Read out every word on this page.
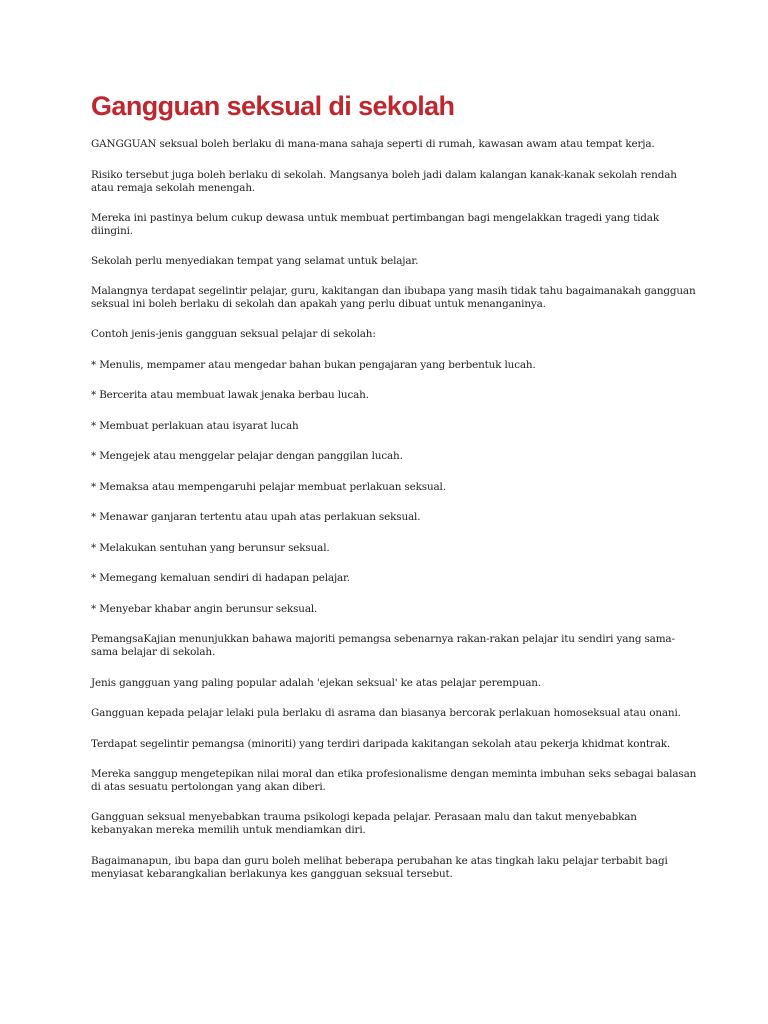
Gangguan seksual di sekolah

GANGGUAN seksual boleh berlaku di mana-mana sahaja seperti di rumah, kawasan awam atau tempat kerja.

Risiko tersebut juga boleh berlaku di sekolah. Mangsanya boleh jadi dalam kalangan kanak-kanak sekolah rendah
atau remaja sekolah menengah.

Mereka ini pastinya belum cukup dewasa untuk membuat pertimbangan bagi mengelakkan tragedi yang tidak
diingini.

Sekolah perlu menyediakan tempat yang selamat untuk belajar.

Malangnya terdapat segelintir pelajar, guru, kakitangan dan ibubapa yang masih tidak tahu bagaimanakah gangguan
seksual ini boleh berlaku di sekolah dan apakah yang perlu dibuat untuk menanganinya.

Contoh jenis-jenis gangguan seksual pelajar di sekolah:

* Menulis, mempamer atau mengedar bahan bukan pengajaran yang berbentuk lucah.

* Bercerita atau membuat lawak jenaka berbau lucah.

* Membuat perlakuan atau isyarat lucah

* Mengejek atau menggelar pelajar dengan panggilan lucah.

* Memaksa atau mempengaruhi pelajar membuat perlakuan seksual.

* Menawar ganjaran tertentu atau upah atas perlakuan seksual.

* Melakukan sentuhan yang berunsur seksual.

* Memegang kemaluan sendiri di hadapan pelajar.

* Menyebar khabar angin berunsur seksual.

PemangsaKajian menunjukkan bahawa majoriti pemangsa sebenarnya rakan-rakan pelajar itu sendiri yang sama-
sama belajar di sekolah.

Jenis gangguan yang paling popular adalah 'ejekan seksual' ke atas pelajar perempuan.

Gangguan kepada pelajar lelaki pula berlaku di asrama dan biasanya bercorak perlakuan homoseksual atau onani.

Terdapat segelintir pemangsa (minoriti) yang terdiri daripada kakitangan sekolah atau pekerja khidmat kontrak.

Mereka sanggup mengetepikan nilai moral dan etika profesionalisme dengan meminta imbuhan seks sebagai balasan
di atas sesuatu pertolongan yang akan diberi.

Gangguan seksual menyebabkan trauma psikologi kepada pelajar. Perasaan malu dan takut menyebabkan
kebanyakan mereka memilih untuk mendiamkan diri.

Bagaimanapun, ibu bapa dan guru boleh melihat beberapa perubahan ke atas tingkah laku pelajar terbabit bagi
menyiasat kebarangkalian berlakunya kes gangguan seksual tersebut.
